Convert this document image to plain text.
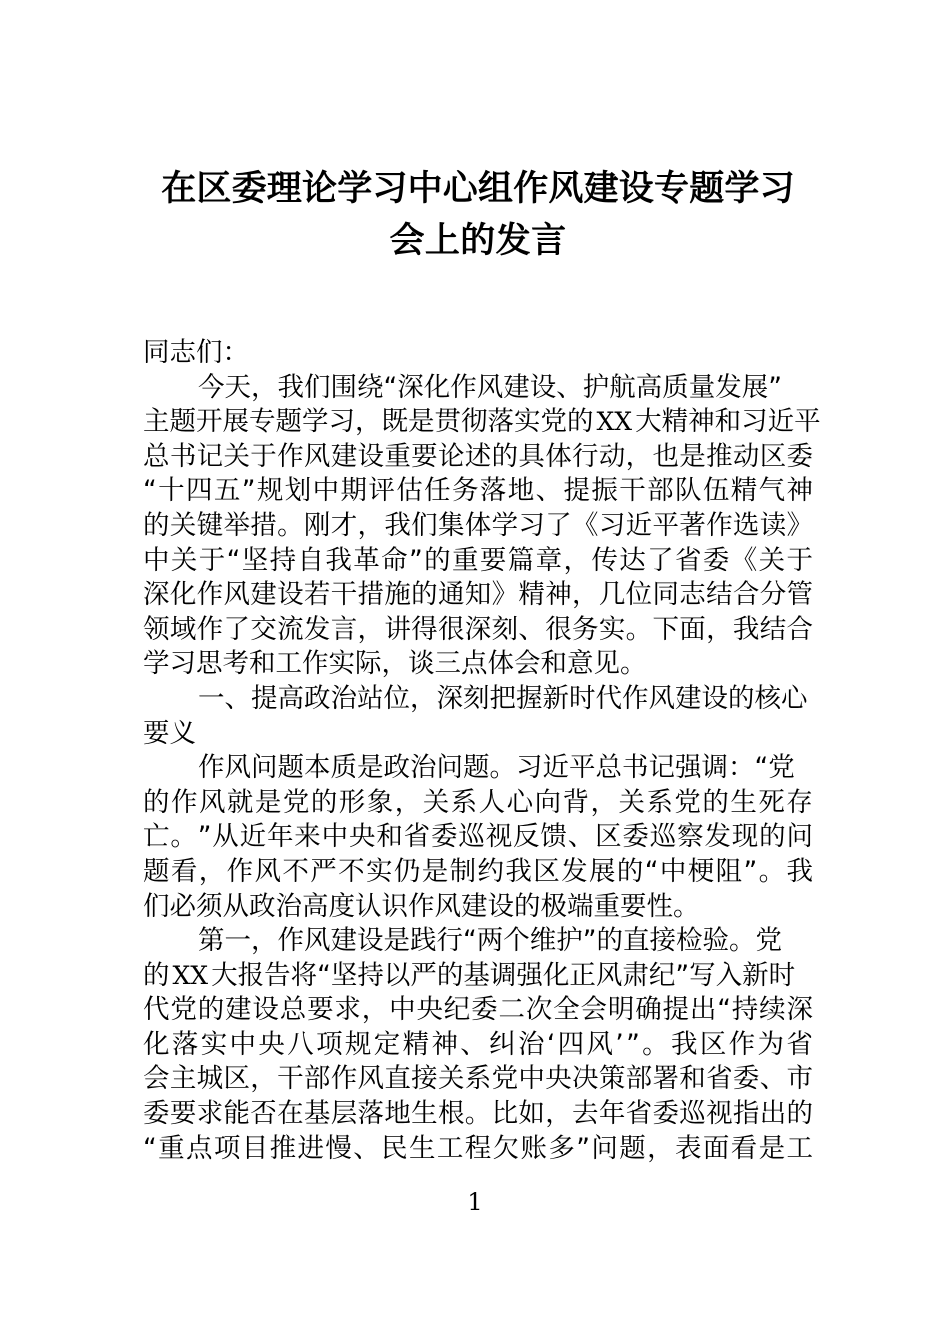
在区委理论学习中心组作风建设专题学习
会上的发言
同志们：
今天，我们围绕“深化作风建设、护航高质量发展”
主题开展专题学习，既是贯彻落实党的 XX 大精神和习近平
总 书 记 关 于 作 风 建 设 重 要 论 述 的 具 体 行 动 ， 也 是 推 动 区 委
“ 十 四 五 ” 规 划 中 期 评 估 任 务 落 地 、 提 振 干 部 队 伍 精 气 神
的 关 键 举 措 。 刚 才 ， 我 们 集 体 学 习 了 《 习 近 平 著 作 选 读 》
中 关 于 “ 坚 持 自 我 革 命 ” 的 重 要 篇 章 ， 传 达 了 省 委 《 关 于
深 化 作 风 建 设 若 干 措 施 的 通 知 》 精 神 ， 几 位 同 志 结 合 分 管
领 域 作 了 交 流 发 言 ， 讲 得 很 深 刻 、 很 务 实 。 下 面 ， 我 结 合
学习思考和工作实际，谈三点体会和意见。
一、提高政治站位，深刻把握新时代作风建设的核心
要义
作风问题本质是政治问题。习近平总书记强调：“党
的 作 风 就 是 党 的 形 象 ， 关 系 人 心 向 背 ， 关 系 党 的 生 死 存
亡 。 ” 从 近 年 来 中 央 和 省 委 巡 视 反 馈 、 区 委 巡 察 发 现 的 问
题 看 ， 作 风 不 严 不 实 仍 是 制 约 我 区 发 展 的 “ 中 梗 阻 ” 。 我
们必须从政治高度认识作风建设的极端重要性。
第一，作风建设是践行“两个维护”的直接检验。党
的 XX 大报告将“坚持以严的基调强化正风肃纪”写入新时
代 党 的 建 设 总 要 求 ， 中 央 纪 委 二 次 全 会 明 确 提 出 “ 持 续 深
化 落 实 中 央 八 项 规 定 精 神 、 纠 治 ‘ 四 风 ’ ” 。 我 区 作 为 省
会 主 城 区 ， 干 部 作 风 直 接 关 系 党 中 央 决 策 部 署 和 省 委 、 市
委 要 求 能 否 在 基 层 落 地 生 根 。 比 如 ， 去 年 省 委 巡 视 指 出 的
“ 重 点 项 目 推 进 慢 、 民 生 工 程 欠 账 多 ” 问 题 ， 表 面 看 是 工
1
